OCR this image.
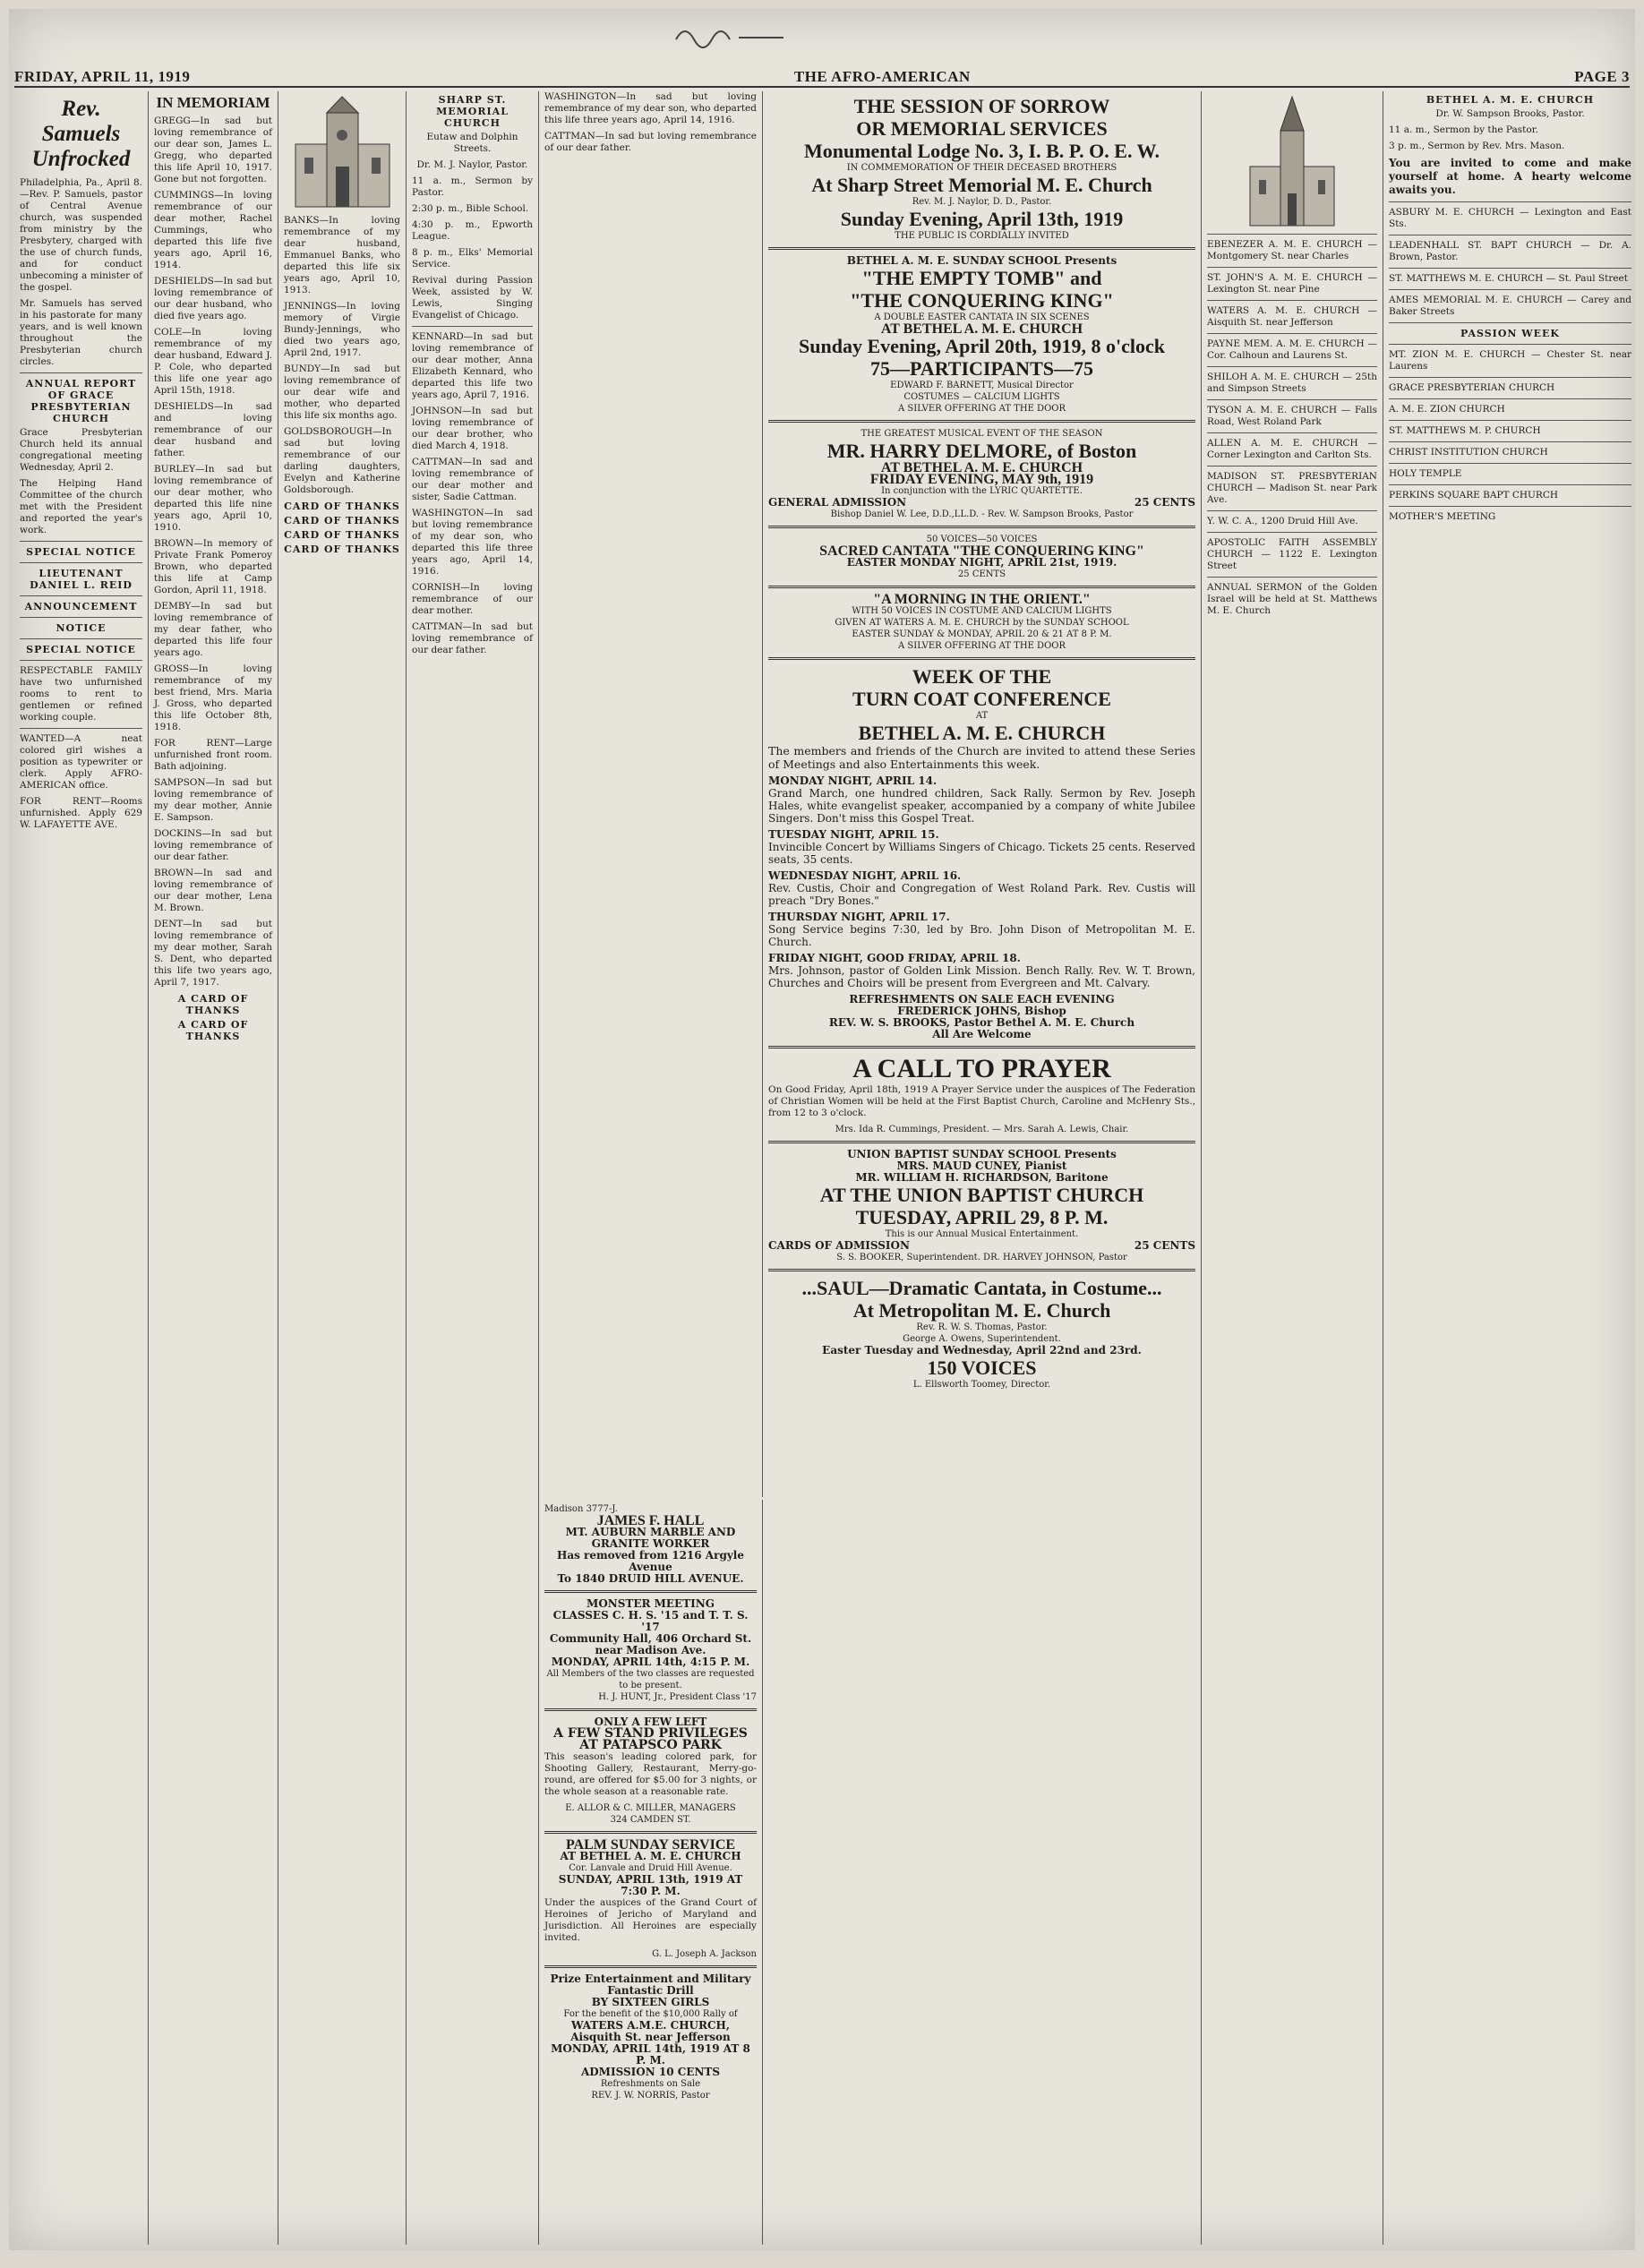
FRIDAY, APRIL 11, 1919	THE AFRO-AMERICAN	PAGE 3
Rev. Samuels Unfrocked

Philadelphia, Pa., April 8.—Rev. P. Samuels, pastor of Central Avenue church, was suspended from ministry by the Presbytery, charged with the use of church funds, and for conduct unbecoming a minister of the gospel.

Mr. Samuels has served in his pastorate for many years, and is well known throughout the Presbyterian church circles.

ANNUAL REPORT OF GRACE PRESBYTERIAN CHURCH

Grace Presbyterian Church held its annual congregational meeting Wednesday, April 2.

The Helping Hand Committee of the church met with the President and reported the year's work.

SPECIAL NOTICE
LIEUTENANT DANIEL L. REID
ANNOUNCEMENT
NOTICE
SPECIAL NOTICE

RESPECTABLE FAMILY have two unfurnished rooms to rent to gentlemen or refined working couple.

WANTED—A neat colored girl wishes a position as typewriter or clerk. Apply AFRO-AMERICAN office.

FOR RENT—Rooms unfurnished. Apply 629 W. LAFAYETTE AVE.

IN MEMORIAM

GREGG—In sad but loving remembrance of our dear son, James L. Gregg, who departed this life April 10, 1917. Gone but not forgotten.

CUMMINGS—In loving remembrance of our dear mother, Rachel Cummings, who departed this life five years ago, April 16, 1914.

DESHIELDS—In sad but loving remembrance of our dear husband, who died five years ago.

COLE—In loving remembrance of my dear husband, Edward J. P. Cole, who departed this life one year ago April 15th, 1918.

DESHIELDS—In sad and loving remembrance of our dear husband and father.

BURLEY—In sad but loving remembrance of our dear mother, who departed this life nine years ago, April 10, 1910.

BROWN—In memory of Private Frank Pomeroy Brown, who departed this life at Camp Gordon, April 11, 1918.

DEMBY—In sad but loving remembrance of my dear father, who departed this life four years ago.

GROSS—In loving remembrance of my best friend, Mrs. Maria J. Gross, who departed this life October 8th, 1918.

FOR RENT—Large unfurnished front room. Bath adjoining.

SAMPSON—In sad but loving remembrance of my dear mother, Annie E. Sampson.

DOCKINS—In sad but loving remembrance of our dear father.

BROWN—In sad and loving remembrance of our dear mother, Lena M. Brown.

DENT—In sad but loving remembrance of my dear mother, Sarah S. Dent, who departed this life two years ago, April 7, 1917.

A CARD OF THANKS
A CARD OF THANKS

BANKS—In loving remembrance of my dear husband, Emmanuel Banks, who departed this life six years ago, April 10, 1913.

JENNINGS—In loving memory of Virgie Bundy-Jennings, who died two years ago, April 2nd, 1917.

BUNDY—In sad but loving remembrance of our dear wife and mother, who departed this life six months ago.

GOLDSBOROUGH—In sad but loving remembrance of our darling daughters, Evelyn and Katherine Goldsborough.

CARD OF THANKS
CARD OF THANKS
CARD OF THANKS
CARD OF THANKS
SHARP ST. MEMORIAL CHURCH

Eutaw and Dolphin Streets.

Dr. M. J. Naylor, Pastor.

11 a. m., Sermon by Pastor.

2:30 p. m., Bible School.

4:30 p. m., Epworth League.

8 p. m., Elks' Memorial Service.

Revival during Passion Week, assisted by W. Lewis, Singing Evangelist of Chicago.

KENNARD—In sad but loving remembrance of our dear mother, Anna Elizabeth Kennard, who departed this life two years ago, April 7, 1916.

JOHNSON—In sad but loving remembrance of our dear brother, who died March 4, 1918.

CATTMAN—In sad and loving remembrance of our dear mother and sister, Sadie Cattman.

WASHINGTON—In sad but loving remembrance of my dear son, who departed this life three years ago, April 14, 1916.

CORNISH—In loving remembrance of our dear mother.

CATTMAN—In sad but loving remembrance of our dear father.

Madison 3777-J.
JAMES F. HALL
MT. AUBURN MARBLE AND GRANITE WORKER
Has removed from 1216 Argyle Avenue
To 1840 DRUID HILL AVENUE.
MONSTER MEETING
CLASSES C. H. S. '15 and T. T. S. '17
Community Hall, 406 Orchard St. near Madison Ave.
MONDAY, APRIL 14th, 4:15 P. M.
All Members of the two classes are requested to be present.
H. J. HUNT, Jr., President Class '17
ONLY A FEW LEFT
A FEW STAND PRIVILEGES AT PATAPSCO PARK

This season's leading colored park, for Shooting Gallery, Restaurant, Merry-go-round, are offered for $5.00 for 3 nights, or the whole season at a reasonable rate.

E. ALLOR & C. MILLER, MANAGERS
324 CAMDEN ST.
PALM SUNDAY SERVICE
AT BETHEL A. M. E. CHURCH
Cor. Lanvale and Druid Hill Avenue.
SUNDAY, APRIL 13th, 1919 AT 7:30 P. M.

Under the auspices of the Grand Court of Heroines of Jericho of Maryland and Jurisdiction. All Heroines are especially invited.

G. L. Joseph A. Jackson
Prize Entertainment and Military Fantastic Drill
BY SIXTEEN GIRLS
For the benefit of the $10,000 Rally of
WATERS A.M.E. CHURCH, Aisquith St. near Jefferson
MONDAY, APRIL 14th, 1919 AT 8 P. M.
ADMISSION 10 CENTS
Refreshments on Sale
REV. J. W. NORRIS, Pastor

WASHINGTON—In sad but loving remembrance of my dear son, who departed this life three years ago, April 14, 1916.

CATTMAN—In sad but loving remembrance of our dear father.

THE SESSION OF SORROW
OR MEMORIAL SERVICES
Monumental Lodge No. 3, I. B. P. O. E. W.
IN COMMEMORATION OF THEIR DECEASED BROTHERS
At Sharp Street Memorial M. E. Church
Rev. M. J. Naylor, D. D., Pastor.
Sunday Evening, April 13th, 1919
THE PUBLIC IS CORDIALLY INVITED
BETHEL A. M. E. SUNDAY SCHOOL Presents
"THE EMPTY TOMB" and
"THE CONQUERING KING"
A DOUBLE EASTER CANTATA IN SIX SCENES
AT BETHEL A. M. E. CHURCH
Sunday Evening, April 20th, 1919, 8 o'clock
75—PARTICIPANTS—75
EDWARD F. BARNETT, Musical Director
COSTUMES — CALCIUM LIGHTS
A SILVER OFFERING AT THE DOOR
THE GREATEST MUSICAL EVENT OF THE SEASON
MR. HARRY DELMORE, of Boston
AT BETHEL A. M. E. CHURCH
FRIDAY EVENING, MAY 9th, 1919
In conjunction with the LYRIC QUARTETTE.
GENERAL ADMISSION	25 CENTS
Bishop Daniel W. Lee, D.D.,LL.D. - Rev. W. Sampson Brooks, Pastor
50 VOICES—50 VOICES
SACRED CANTATA "THE CONQUERING KING"
EASTER MONDAY NIGHT, APRIL 21st, 1919.
25 CENTS
"A MORNING IN THE ORIENT."
WITH 50 VOICES IN COSTUME AND CALCIUM LIGHTS
GIVEN AT WATERS A. M. E. CHURCH by the SUNDAY SCHOOL
EASTER SUNDAY & MONDAY, APRIL 20 & 21 AT 8 P. M.
A SILVER OFFERING AT THE DOOR
WEEK OF THE
TURN COAT CONFERENCE
AT
BETHEL A. M. E. CHURCH

The members and friends of the Church are invited to attend these Series of Meetings and also Entertainments this week.

MONDAY NIGHT, APRIL 14.

Grand March, one hundred children, Sack Rally. Sermon by Rev. Joseph Hales, white evangelist speaker, accompanied by a company of white Jubilee Singers. Don't miss this Gospel Treat.

TUESDAY NIGHT, APRIL 15.

Invincible Concert by Williams Singers of Chicago. Tickets 25 cents. Reserved seats, 35 cents.

WEDNESDAY NIGHT, APRIL 16.

Rev. Custis, Choir and Congregation of West Roland Park. Rev. Custis will preach "Dry Bones."

THURSDAY NIGHT, APRIL 17.

Song Service begins 7:30, led by Bro. John Dison of Metropolitan M. E. Church.

FRIDAY NIGHT, GOOD FRIDAY, APRIL 18.

Mrs. Johnson, pastor of Golden Link Mission. Bench Rally. Rev. W. T. Brown, Churches and Choirs will be present from Evergreen and Mt. Calvary.

REFRESHMENTS ON SALE EACH EVENING
FREDERICK JOHNS, Bishop
REV. W. S. BROOKS, Pastor Bethel A. M. E. Church
All Are Welcome
A CALL TO PRAYER

On Good Friday, April 18th, 1919 A Prayer Service under the auspices of The Federation of Christian Women will be held at the First Baptist Church, Caroline and McHenry Sts., from 12 to 3 o'clock.

Mrs. Ida R. Cummings, President. — Mrs. Sarah A. Lewis, Chair.
UNION BAPTIST SUNDAY SCHOOL Presents
MRS. MAUD CUNEY, Pianist
MR. WILLIAM H. RICHARDSON, Baritone
AT THE UNION BAPTIST CHURCH
TUESDAY, APRIL 29, 8 P. M.
This is our Annual Musical Entertainment.
CARDS OF ADMISSION	25 CENTS
S. S. BOOKER, Superintendent. DR. HARVEY JOHNSON, Pastor
...SAUL—Dramatic Cantata, in Costume...
At Metropolitan M. E. Church
Rev. R. W. S. Thomas, Pastor.
George A. Owens, Superintendent.
Easter Tuesday and Wednesday, April 22nd and 23rd.
150 VOICES
L. Ellsworth Toomey, Director.

EBENEZER A. M. E. CHURCH — Montgomery St. near Charles

ST. JOHN'S A. M. E. CHURCH — Lexington St. near Pine

WATERS A. M. E. CHURCH — Aisquith St. near Jefferson

PAYNE MEM. A. M. E. CHURCH — Cor. Calhoun and Laurens St.

SHILOH A. M. E. CHURCH — 25th and Simpson Streets

TYSON A. M. E. CHURCH — Falls Road, West Roland Park

ALLEN A. M. E. CHURCH — Corner Lexington and Carlton Sts.

MADISON ST. PRESBYTERIAN CHURCH — Madison St. near Park Ave.

Y. W. C. A., 1200 Druid Hill Ave.

APOSTOLIC FAITH ASSEMBLY CHURCH — 1122 E. Lexington Street

ANNUAL SERMON of the Golden Israel will be held at St. Matthews M. E. Church

BETHEL A. M. E. CHURCH

Dr. W. Sampson Brooks, Pastor.

11 a. m., Sermon by the Pastor.

3 p. m., Sermon by Rev. Mrs. Mason.

You are invited to come and make yourself at home. A hearty welcome awaits you.

ASBURY M. E. CHURCH — Lexington and East Sts.

LEADENHALL ST. BAPT CHURCH — Dr. A. Brown, Pastor.

ST. MATTHEWS M. E. CHURCH — St. Paul Street

AMES MEMORIAL M. E. CHURCH — Carey and Baker Streets

PASSION WEEK

MT. ZION M. E. CHURCH — Chester St. near Laurens

GRACE PRESBYTERIAN CHURCH

A. M. E. ZION CHURCH

ST. MATTHEWS M. P. CHURCH

CHRIST INSTITUTION CHURCH

HOLY TEMPLE

PERKINS SQUARE BAPT CHURCH

MOTHER'S MEETING
